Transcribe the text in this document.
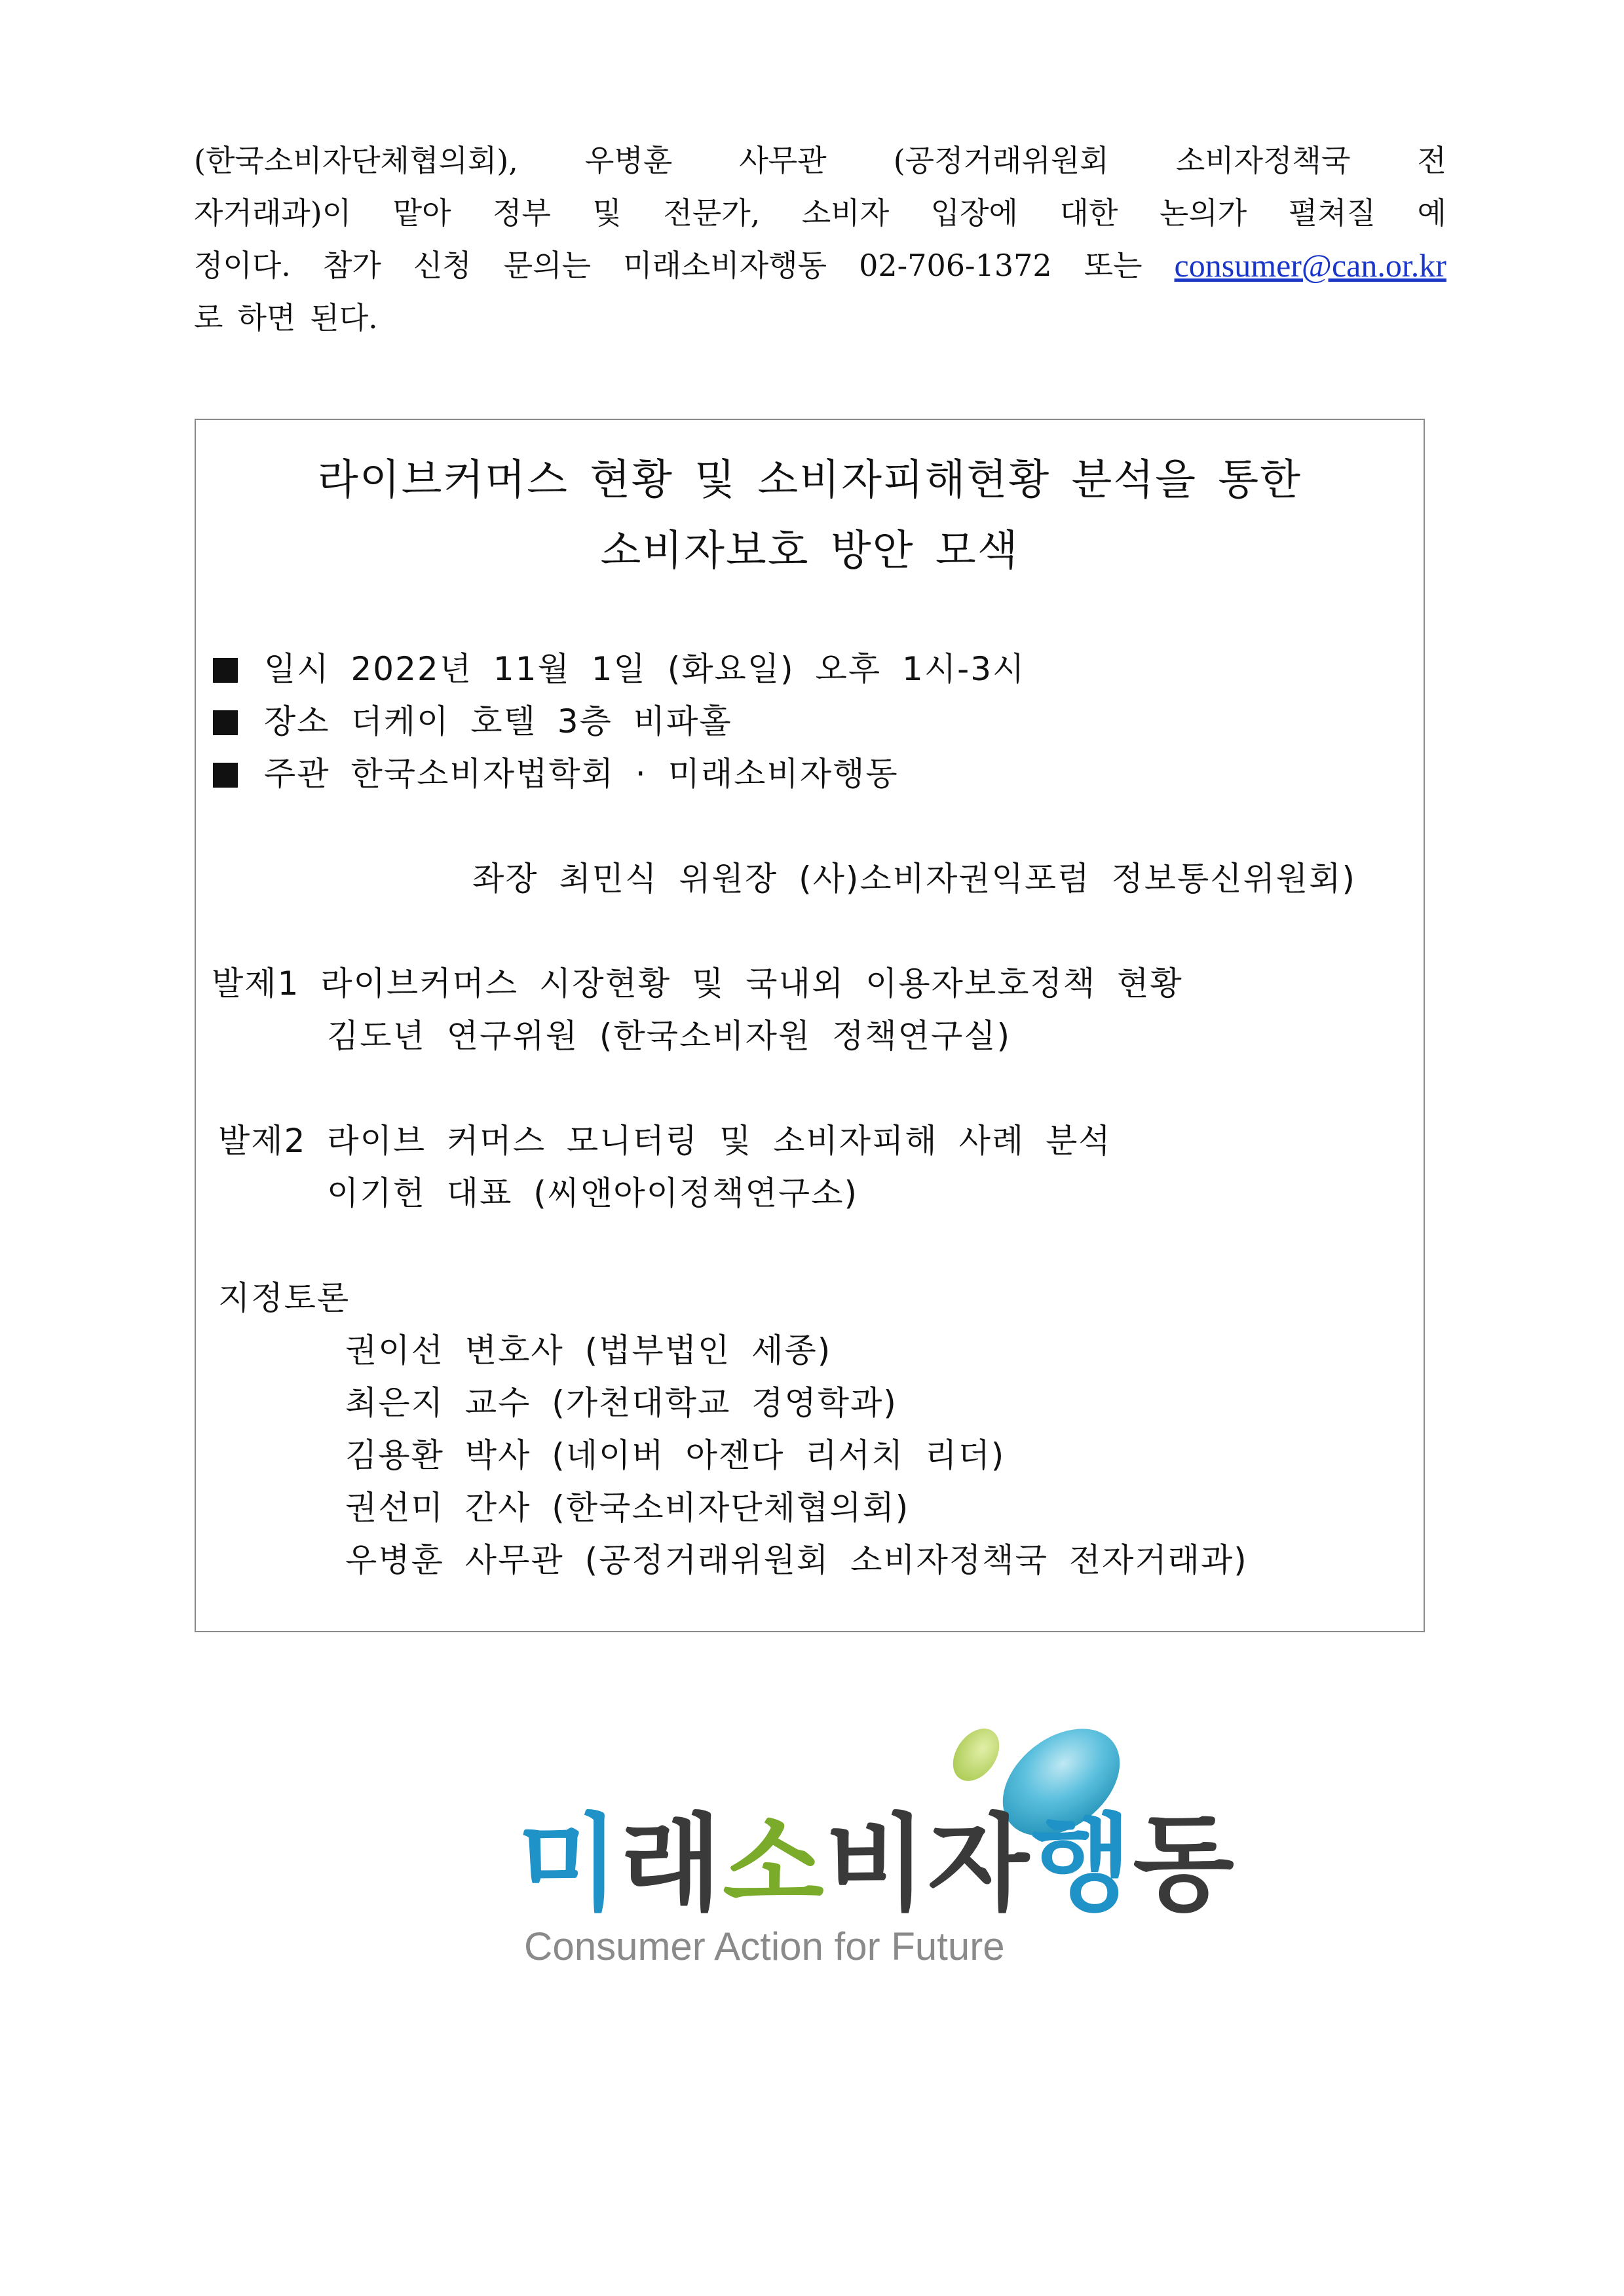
(한국소비자단체협의회), 우병훈 사무관 (공정거래위원회 소비자정책국 전
자거래과)이 맡아 정부 및 전문가, 소비자 입장에 대한 논의가 펼쳐질 예
정이다. 참가 신청 문의는 미래소비자행동 02-706-1372 또는 consumer@can.or.kr
로 하면 된다.
라이브커머스 현황 및 소비자피해현황 분석을 통한
소비자보호 방안 모색
일시 2022년 11월 1일 (화요일) 오후 1시-3시
장소 더케이 호텔 3층 비파홀
주관 한국소비자법학회 · 미래소비자행동
좌장 최민식 위원장 (사)소비자권익포럼 정보통신위원회)
발제1 라이브커머스 시장현황 및 국내외 이용자보호정책 현황
김도년 연구위원 (한국소비자원 정책연구실)
발제2 라이브 커머스 모니터링 및 소비자피해 사례 분석
이기헌 대표 (씨앤아이정책연구소)
지정토론
권이선 변호사 (법부법인 세종)
최은지 교수 (가천대학교 경영학과)
김용환 박사 (네이버 아젠다 리서치 리더)
권선미 간사 (한국소비자단체협의회)
우병훈 사무관 (공정거래위원회 소비자정책국 전자거래과)
미래소비자행동
Consumer Action for Future
